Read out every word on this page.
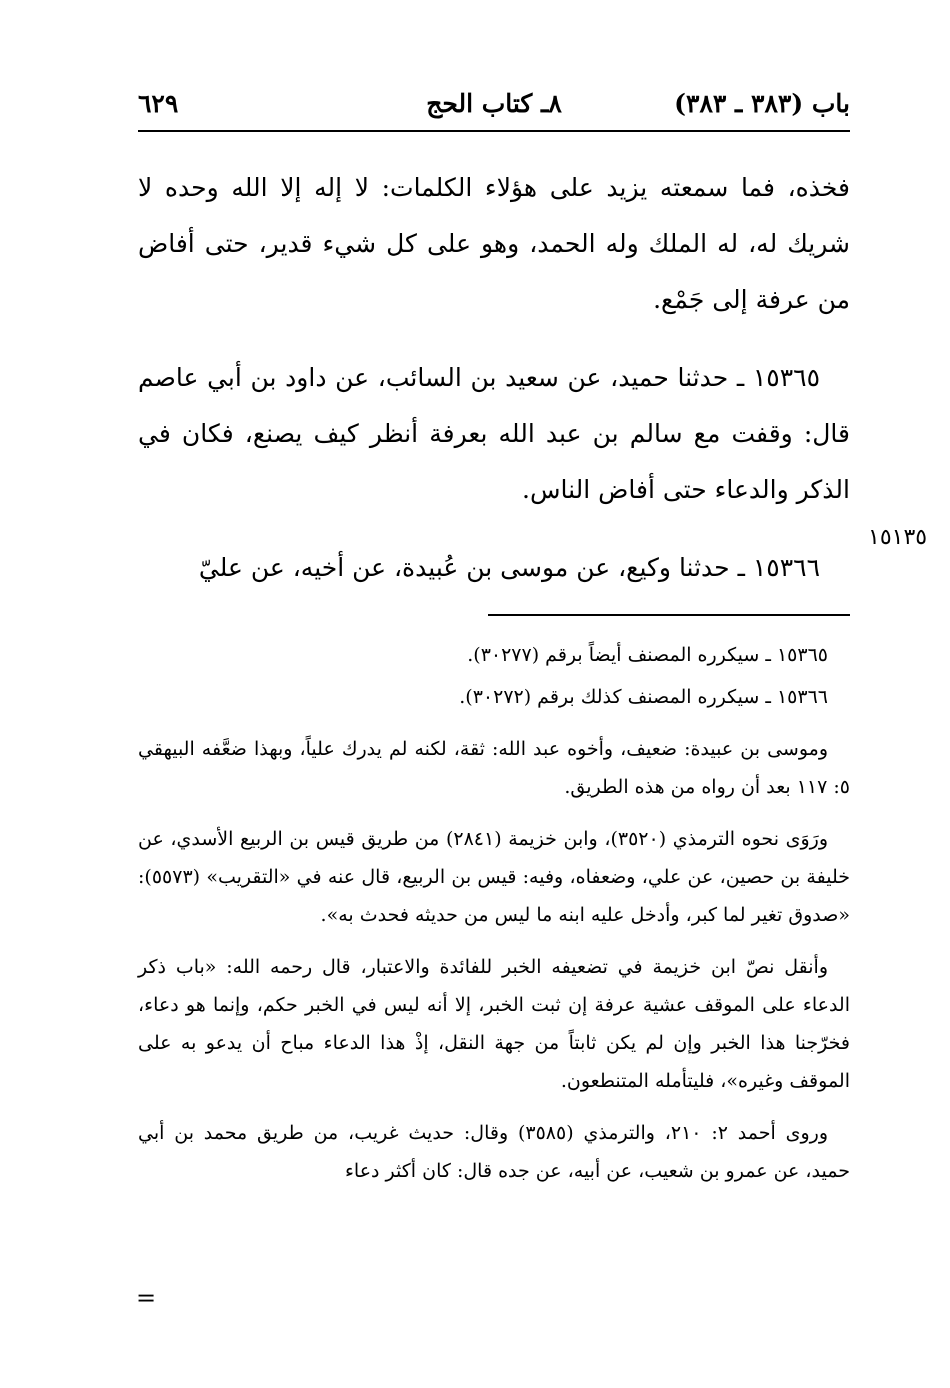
باب (٣٨٣ ـ ٣٨٣)
٨ـ كتاب الحج
٦٢٩

فخذه، فما سمعته يزيد على هؤلاء الكلمات: لا إله إلا الله وحده لا شريك له، له الملك وله الحمد، وهو على كل شيء قدير، حتى أفاض من عرفة إلى جَمْع.

١٥٣٦٥ ـ حدثنا حميد، عن سعيد بن السائب، عن داود بن أبي عاصم قال: وقفت مع سالم بن عبد الله بعرفة أنظر كيف يصنع، فكان في الذكر والدعاء حتى أفاض الناس.

١٥٣٦٦ ـ حدثنا وكيع، عن موسى بن عُبيدة، عن أخيه، عن عليّ

١٥١٣٥

١٥٣٦٥ ـ سيكرره المصنف أيضاً برقم (٣٠٢٧٧).

١٥٣٦٦ ـ سيكرره المصنف كذلك برقم (٣٠٢٧٢).

وموسى بن عبيدة: ضعيف، وأخوه عبد الله: ثقة، لكنه لم يدرك علياً، وبهذا ضعَّفه البيهقي ٥: ١١٧ بعد أن رواه من هذه الطريق.

ورَوَى نحوه الترمذي (٣٥٢٠)، وابن خزيمة (٢٨٤١) من طريق قيس بن الربيع الأسدي، عن خليفة بن حصين، عن علي، وضعفاه، وفيه: قيس بن الربيع، قال عنه في «التقريب» (٥٥٧٣): «صدوق تغير لما كبر، وأدخل عليه ابنه ما ليس من حديثه فحدث به».

وأنقل نصّ ابن خزيمة في تضعيفه الخبر للفائدة والاعتبار، قال رحمه الله: «باب ذكر الدعاء على الموقف عشية عرفة إن ثبت الخبر، إلا أنه ليس في الخبر حكم، وإنما هو دعاء، فخرّجنا هذا الخبر وإن لم يكن ثابتاً من جهة النقل، إذْ هذا الدعاء مباح أن يدعو به على الموقف وغيره»، فليتأمله المتنطعون.

وروى أحمد ٢: ٢١٠، والترمذي (٣٥٨٥) وقال: حديث غريب، من طريق محمد بن أبي حميد، عن عمرو بن شعيب، عن أبيه، عن جده قال: كان أكثر دعاء

=
